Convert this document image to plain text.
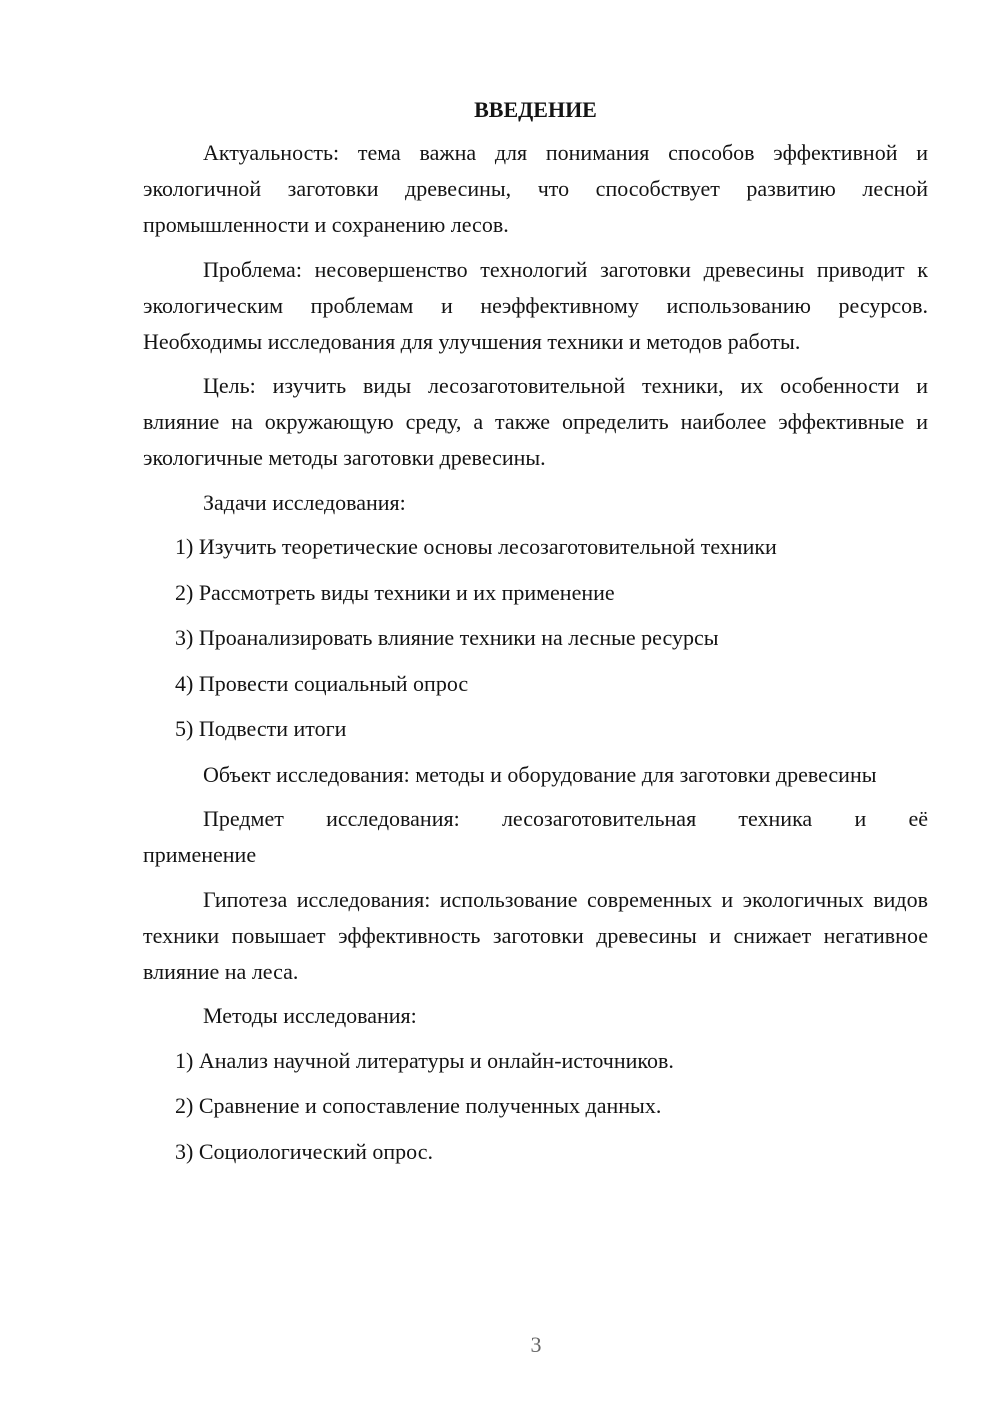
ВВЕДЕНИЕ

Актуальность: тема важна для понимания способов эффективной и экологичной заготовки древесины, что способствует развитию лесной промышленности и сохранению лесов.

Проблема: несовершенство технологий заготовки древесины приводит к экологическим проблемам и неэффективному использованию ресурсов. Необходимы исследования для улучшения техники и методов работы.

Цель: изучить виды лесозаготовительной техники, их особенности и влияние на окружающую среду, а также определить наиболее эффективные и экологичные методы заготовки древесины.

Задачи исследования:

1) Изучить теоретические основы лесозаготовительной техники
2) Рассмотреть виды техники и их применение
3) Проанализировать влияние техники на лесные ресурсы
4) Провести социальный опрос
5) Подвести итоги

Объект исследования: методы и оборудование для заготовки древесины

Предмет исследования: лесозаготовительная техника и её
применение

Гипотеза исследования: использование современных и экологичных видов техники повышает эффективность заготовки древесины и снижает негативное влияние на леса.

Методы исследования:

1) Анализ научной литературы и онлайн-источников.
2) Сравнение и сопоставление полученных данных.
3) Социологический опрос.
3
